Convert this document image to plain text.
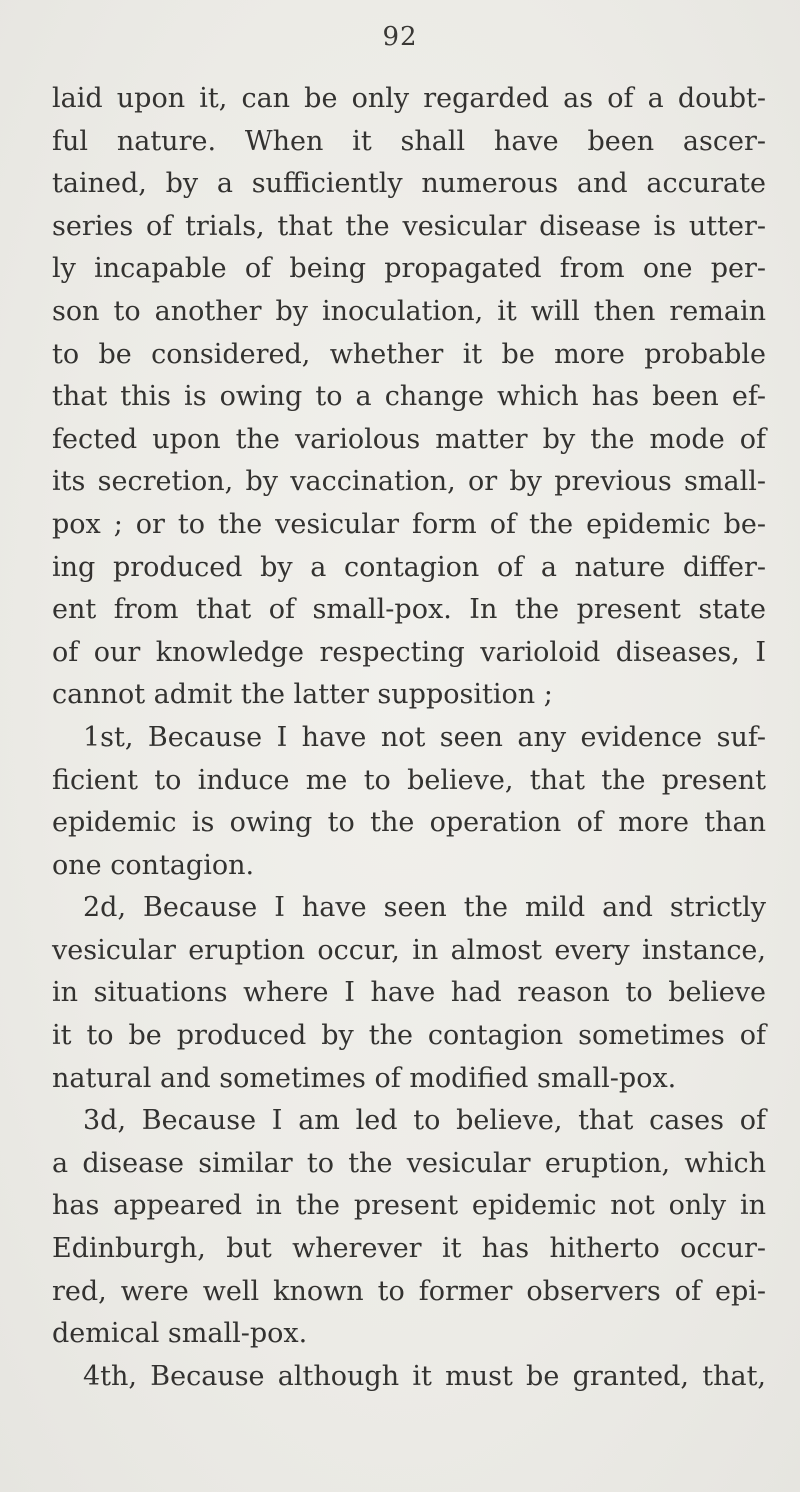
92
laid upon it, can be only regarded as of a doubt-
ful nature. When it shall have been ascer-
tained, by a sufficiently numerous and accurate
series of trials, that the vesicular disease is utter-
ly incapable of being propagated from one per-
son to another by inoculation, it will then remain
to be considered, whether it be more probable
that this is owing to a change which has been ef-
fected upon the variolous matter by the mode of
its secretion, by vaccination, or by previous small-
pox ; or to the vesicular form of the epidemic be-
ing produced by a contagion of a nature differ-
ent from that of small-pox. In the present state
of our knowledge respecting varioloid diseases, I
cannot admit the latter supposition ;
1st, Because I have not seen any evidence suf-
ficient to induce me to believe, that the present
epidemic is owing to the operation of more than
one contagion.
2d, Because I have seen the mild and strictly
vesicular eruption occur, in almost every instance,
in situations where I have had reason to believe
it to be produced by the contagion sometimes of
natural and sometimes of modified small-pox.
3d, Because I am led to believe, that cases of
a disease similar to the vesicular eruption, which
has appeared in the present epidemic not only in
Edinburgh, but wherever it has hitherto occur-
red, were well known to former observers of epi-
demical small-pox.
4th, Because although it must be granted, that,
